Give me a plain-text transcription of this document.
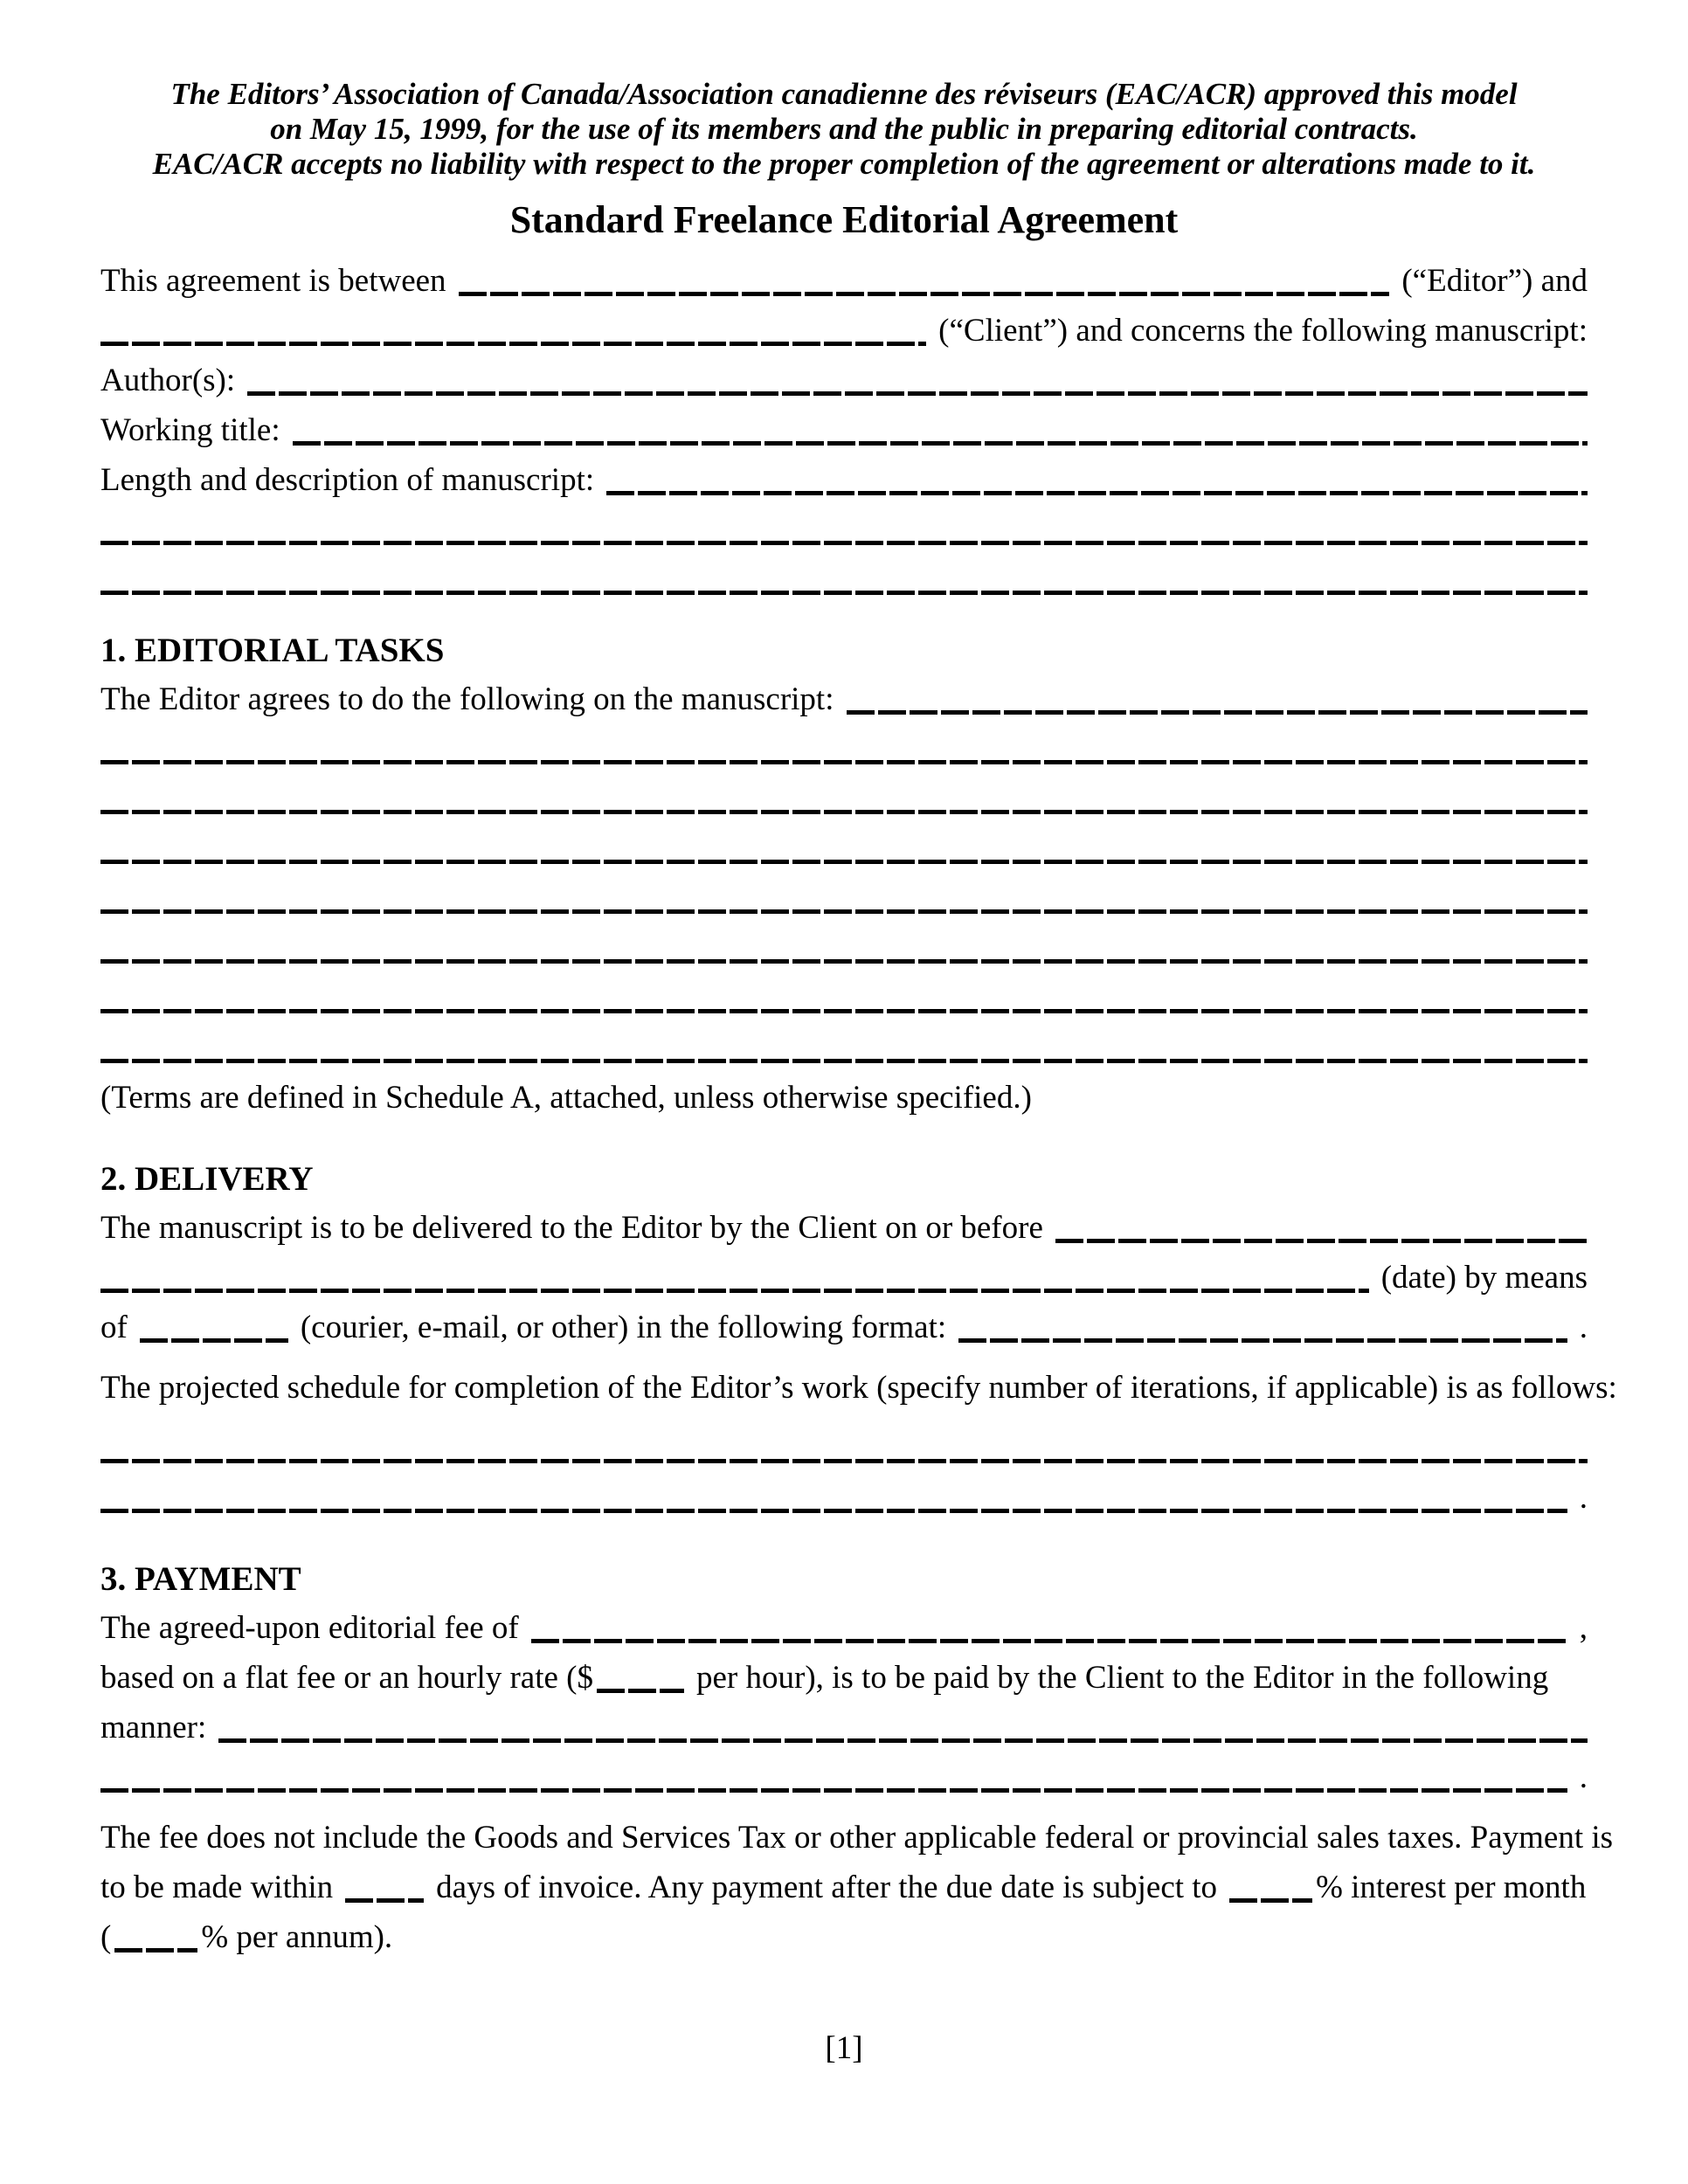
The Editors’ Association of Canada/Association canadienne des réviseurs (EAC/ACR) approved this model
on May 15, 1999, for the use of its members and the public in preparing editorial contracts.
EAC/ACR accepts no liability with respect to the proper completion of the agreement or alterations made to it.
Standard Freelance Editorial Agreement
This agreement is between	(“Editor”) and
(“Client”) and concerns the following manuscript:
Author(s):
Working title:
Length and description of manuscript:
1. EDITORIAL TASKS
The Editor agrees to do the following on the manuscript:
(Terms are defined in Schedule A, attached, unless otherwise specified.)
2. DELIVERY
The manuscript is to be delivered to the Editor by the Client on or before
(date) by means
of	(courier, e-mail, or other) in the following format:	.
The projected schedule for completion of the Editor’s work (specify number of iterations, if applicable) is as follows:
.
3. PAYMENT
The agreed-upon editorial fee of	,
based on a flat fee or an hourly rate ($	per hour), is to be paid by the Client to the Editor in the following
manner:
.
The fee does not include the Goods and Services Tax or other applicable federal or provincial sales taxes. Payment is
to be made within	days of invoice. Any payment after the due date is subject to	% interest per month
(	% per annum).
[1]
